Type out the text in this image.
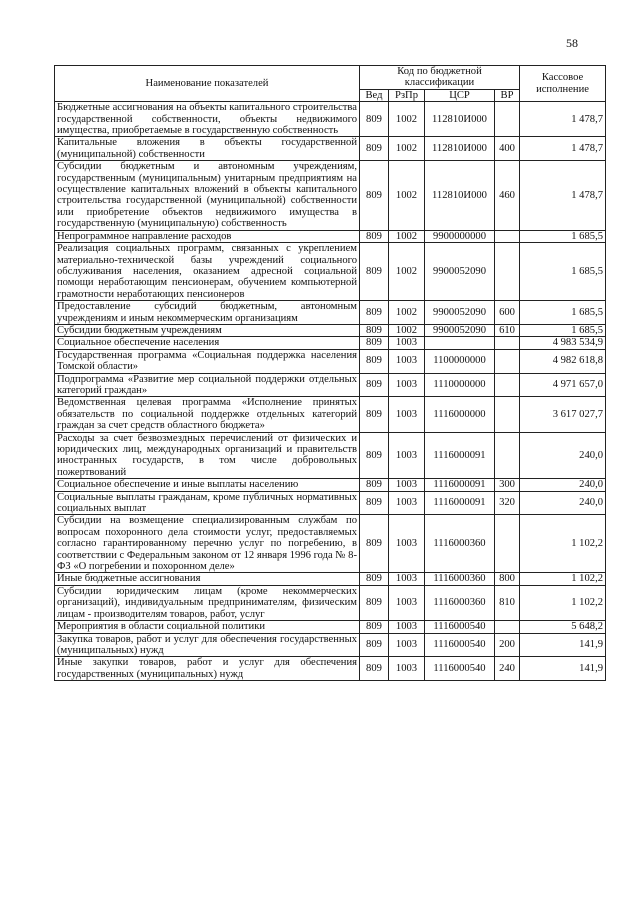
58
Наименование показателей	Код по бюджетной классификации				Кассовое исполнение
	Вед	РзПр	ЦСР	ВР	
Бюджетные ассигнования на объекты капитального строительства государственной собственности, объекты недвижимого имущества, приобретаемые в государственную собственность	809	1002	112810И000		1 478,7
Капитальные вложения в объекты государственной (муниципальной) собственности	809	1002	112810И000	400	1 478,7
Субсидии бюджетным и автономным учреждениям, государственным (муниципальным) унитарным предприятиям на осуществление капитальных вложений в объекты капитального строительства государственной (муниципальной) собственности или приобретение объектов недвижимого имущества в государственную (муниципальную) собственность	809	1002	112810И000	460	1 478,7
Непрограммное направление расходов	809	1002	9900000000		1 685,5
Реализация социальных программ, связанных с укреплением материально-технической базы учреждений социального обслуживания населения, оказанием адресной социальной помощи неработающим пенсионерам, обучением компьютерной грамотности неработающих пенсионеров	809	1002	9900052090		1 685,5
Предоставление субсидий бюджетным, автономным учреждениям и иным некоммерческим организациям	809	1002	9900052090	600	1 685,5
Субсидии бюджетным учреждениям	809	1002	9900052090	610	1 685,5
Социальное обеспечение населения	809	1003			4 983 534,9
Государственная программа «Социальная поддержка населения Томской области»	809	1003	1100000000		4 982 618,8
Подпрограмма «Развитие мер социальной поддержки отдельных категорий граждан»	809	1003	1110000000		4 971 657,0
Ведомственная целевая программа «Исполнение принятых обязательств по социальной поддержке отдельных категорий граждан за счет средств областного бюджета»	809	1003	1116000000		3 617 027,7
Расходы за счет безвозмездных перечислений от физических и юридических лиц, международных организаций и правительств иностранных государств, в том числе добровольных пожертвований	809	1003	1116000091		240,0
Социальное обеспечение и иные выплаты населению	809	1003	1116000091	300	240,0
Социальные выплаты гражданам, кроме публичных нормативных социальных выплат	809	1003	1116000091	320	240,0
Субсидии на возмещение специализированным службам по вопросам похоронного дела стоимости услуг, предоставляемых согласно гарантированному перечню услуг по погребению, в соответствии с Федеральным законом от 12 января 1996 года № 8-ФЗ «О погребении и похоронном деле»	809	1003	1116000360		1 102,2
Иные бюджетные ассигнования	809	1003	1116000360	800	1 102,2
Субсидии юридическим лицам (кроме некоммерческих организаций), индивидуальным предпринимателям, физическим лицам - производителям товаров, работ, услуг	809	1003	1116000360	810	1 102,2
Мероприятия в области социальной политики	809	1003	1116000540		5 648,2
Закупка товаров, работ и услуг для обеспечения государственных (муниципальных) нужд	809	1003	1116000540	200	141,9
Иные закупки товаров, работ и услуг для обеспечения государственных (муниципальных) нужд	809	1003	1116000540	240	141,9
